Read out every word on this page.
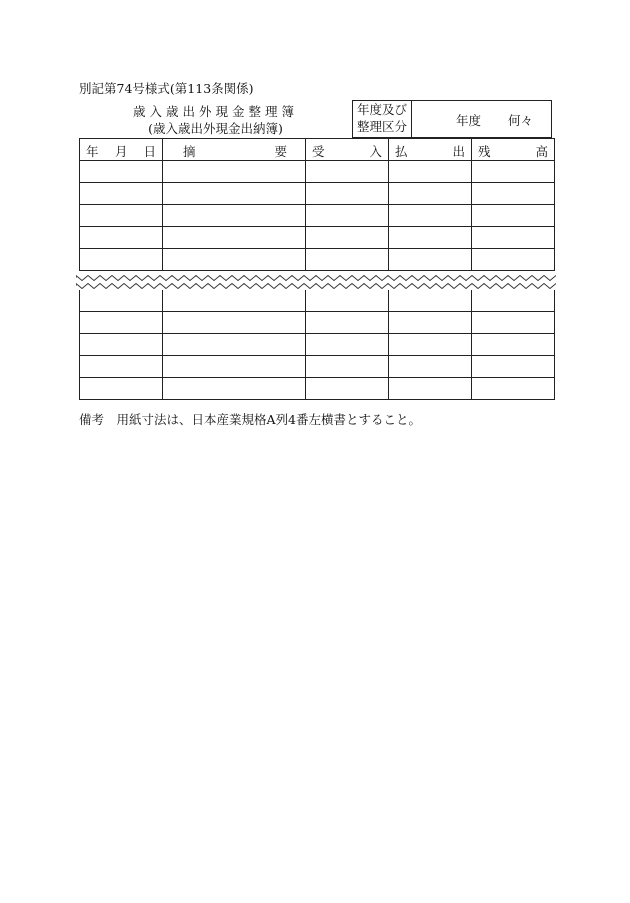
別記第74号様式(第113条関係)
歳入歳出外現金整理簿
(歳入歳出外現金出納簿)
年度及び
整理区分	年度 何々
年 月 日	摘 要	受 入	払 出	残 高

備考　用紙寸法は、日本産業規格A列4番左横書とすること。
